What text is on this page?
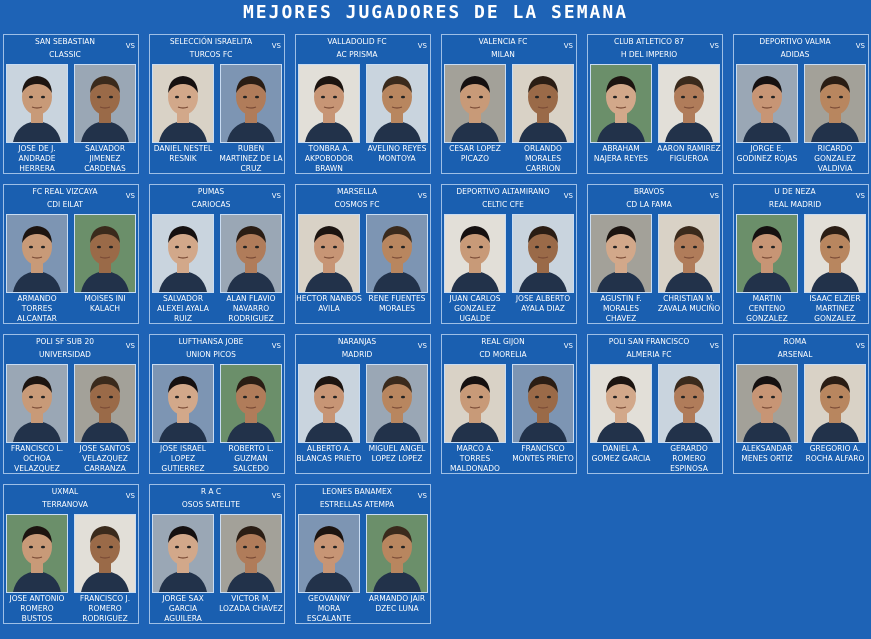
MEJORES JUGADORES DE LA SEMANA
SAN SEBASTIAN
CLASSIC
VS
JOSE DE J. ANDRADE HERRERA
SALVADOR JIMENEZ CARDENAS
SELECCIÓN ISRAELITA
TURCOS FC
VS
DANIEL NESTEL RESNIK
RUBEN MARTINEZ DE LA CRUZ
VALLADOLID FC
AC PRISMA
VS
TONBRA A. AKPOBODOR BRAWN
AVELINO REYES MONTOYA
VALENCIA FC
MILAN
VS
CESAR LOPEZ PICAZO
ORLANDO MORALES CARRION
CLUB ATLETICO 87
H DEL IMPERIO
VS
ABRAHAM NAJERA REYES
AARON RAMIREZ FIGUEROA
DEPORTIVO VALMA
ADIDAS
VS
JORGE E. GODINEZ ROJAS
RICARDO GONZALEZ VALDIVIA
FC REAL VIZCAYA
CDI EILAT
VS
ARMANDO TORRES ALCANTAR
MOISES INI KALACH
PUMAS
CARIOCAS
VS
SALVADOR ALEXEI AYALA RUIZ
ALAN FLAVIO NAVARRO RODRIGUEZ
MARSELLA
COSMOS FC
VS
HECTOR NANBOS AVILA
RENE FUENTES MORALES
DEPORTIVO ALTAMIRANO
CELTIC CFE
VS
JUAN CARLOS GONZALEZ UGALDE
JOSE ALBERTO AYALA DIAZ
BRAVOS
CD LA FAMA
VS
AGUSTIN F. MORALES CHAVEZ
CHRISTIAN M. ZAVALA MUCIÑO
U DE NEZA
REAL MADRID
VS
MARTIN CENTENO GONZALEZ
ISAAC ELZIER MARTINEZ GONZALEZ
POLI SF SUB 20
UNIVERSIDAD
VS
FRANCISCO L. OCHOA VELAZQUEZ
JOSE SANTOS VELAZQUEZ CARRANZA
LUFTHANSA JOBE
UNION PICOS
VS
JOSE ISRAEL LOPEZ GUTIERREZ
ROBERTO L. GUZMAN SALCEDO
NARANJAS
MADRID
VS
ALBERTO A. BLANCAS PRIETO
MIGUEL ANGEL LOPEZ LOPEZ
REAL GIJON
CD MORELIA
VS
MARCO A. TORRES MALDONADO
FRANCISCO MONTES PRIETO
POLI SAN FRANCISCO
ALMERIA FC
VS
DANIEL A. GOMEZ GARCIA
GERARDO ROMERO ESPINOSA
ROMA
ARSENAL
VS
ALEKSANDAR MENES ORTIZ
GREGORIO A. ROCHA ALFARO
UXMAL
TERRANOVA
VS
JOSE ANTONIO ROMERO BUSTOS
FRANCISCO J. ROMERO RODRIGUEZ
R A C
OSOS SATELITE
VS
JORGE SAX GARCIA AGUILERA
VICTOR M. LOZADA CHAVEZ
LEONES BANAMEX
ESTRELLAS ATEMPA
VS
GEOVANNY MORA ESCALANTE
ARMANDO JAIR DZEC LUNA
